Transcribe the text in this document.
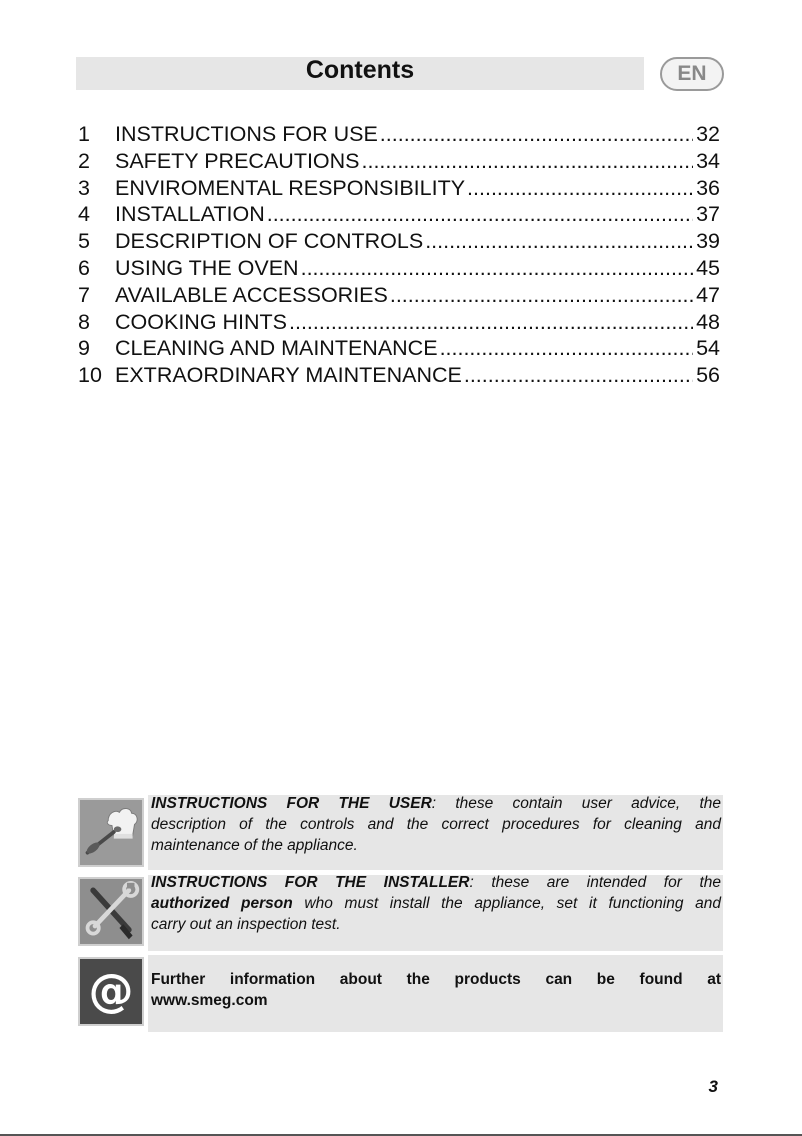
Contents	EN
1	INSTRUCTIONS FOR USE .....	32
2	SAFETY PRECAUTIONS .....	34
3	ENVIROMENTAL RESPONSIBILITY .....	36
4	INSTALLATION .....	37
5	DESCRIPTION OF CONTROLS .....	39
6	USING THE OVEN .....	45
7	AVAILABLE ACCESSORIES .....	47
8	COOKING HINTS .....	48
9	CLEANING AND MAINTENANCE .....	54
10 EXTRAORDINARY MAINTENANCE .....	56

INSTRUCTIONS FOR THE USER: these contain user advice, the
description of the controls and the correct procedures for cleaning and
maintenance of the appliance.

INSTRUCTIONS FOR THE INSTALLER: these are intended for the
authorized person who must install the appliance, set it functioning and
carry out an inspection test.

@ Further information about the products can be found at
www.smeg.com

3
